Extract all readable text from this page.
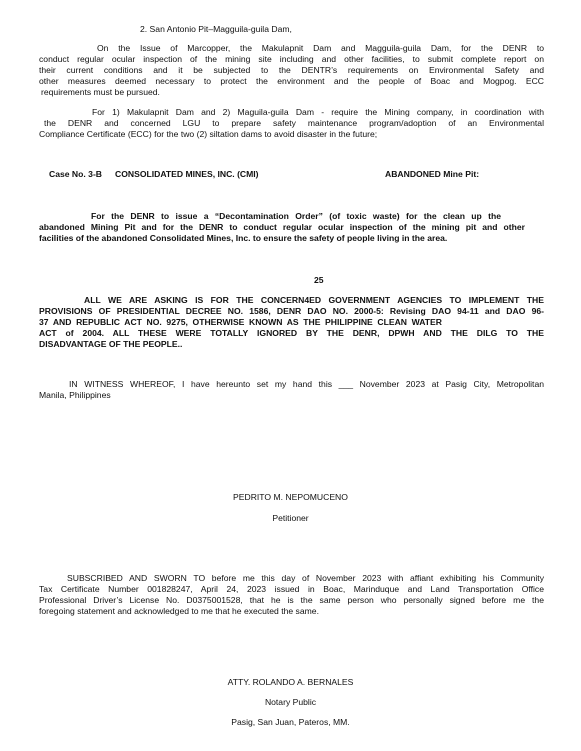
2. San Antonio Pit–Magguila-guila Dam,
On the Issue of Marcopper, the Makulapnit Dam and Magguila-guila Dam, for the DENR to
conduct regular ocular inspection of the mining site including and other facilities, to submit complete report on
their current conditions and it be subjected to the DENTR’s requirements on Environmental Safety and
other measures deemed necessary to protect the environment and the people of Boac and Mogpog. ECC
requirements must be pursued.
For 1) Makulapnit Dam and 2) Maguila-guila Dam - require the Mining company, in coordination with
the DENR and concerned LGU to prepare safety maintenance program/adoption of an Environmental
Compliance Certificate (ECC) for the two (2) siltation dams to avoid disaster in the future;
Case No. 3-B CONSOLIDATED MINES, INC. (CMI)	ABANDONED Mine Pit:
For the DENR to issue a “Decontamination Order” (of toxic waste) for the clean up the
abandoned Mining Pit and for the DENR to conduct regular ocular inspection of the mining pit and other
facilities of the abandoned Consolidated Mines, Inc. to ensure the safety of people living in the area.
25
ALL WE ARE ASKING IS FOR THE CONCERN4ED GOVERNMENT AGENCIES TO IMPLEMENT THE
PROVISIONS OF PRESIDENTIAL DECREE NO. 1586, DENR DAO NO. 2000-5: Revising DAO 94-11 and DAO 96-
37 AND REPUBLIC ACT NO. 9275, OTHERWISE KNOWN AS THE PHILIPPINE CLEAN WATER
ACT of 2004. ALL THESE WERE TOTALLY IGNORED BY THE DENR, DPWH AND THE DILG TO THE
DISADVANTAGE OF THE PEOPLE..
IN WITNESS WHEREOF, I have hereunto set my hand this ___ November 2023 at Pasig City, Metropolitan
Manila, Philippines
PEDRITO M. NEPOMUCENO
Petitioner
SUBSCRIBED AND SWORN TO before me this day of November 2023 with affiant exhibiting his Community
Tax Certificate Number 001828247, April 24, 2023 issued in Boac, Marinduque and Land Transportation Office
Professional Driver’s License No. D0375001528, that he is the same person who personally signed before me the
foregoing statement and acknowledged to me that he executed the same.
ATTY. ROLANDO A. BERNALES
Notary Public
Pasig, San Juan, Pateros, MM.
